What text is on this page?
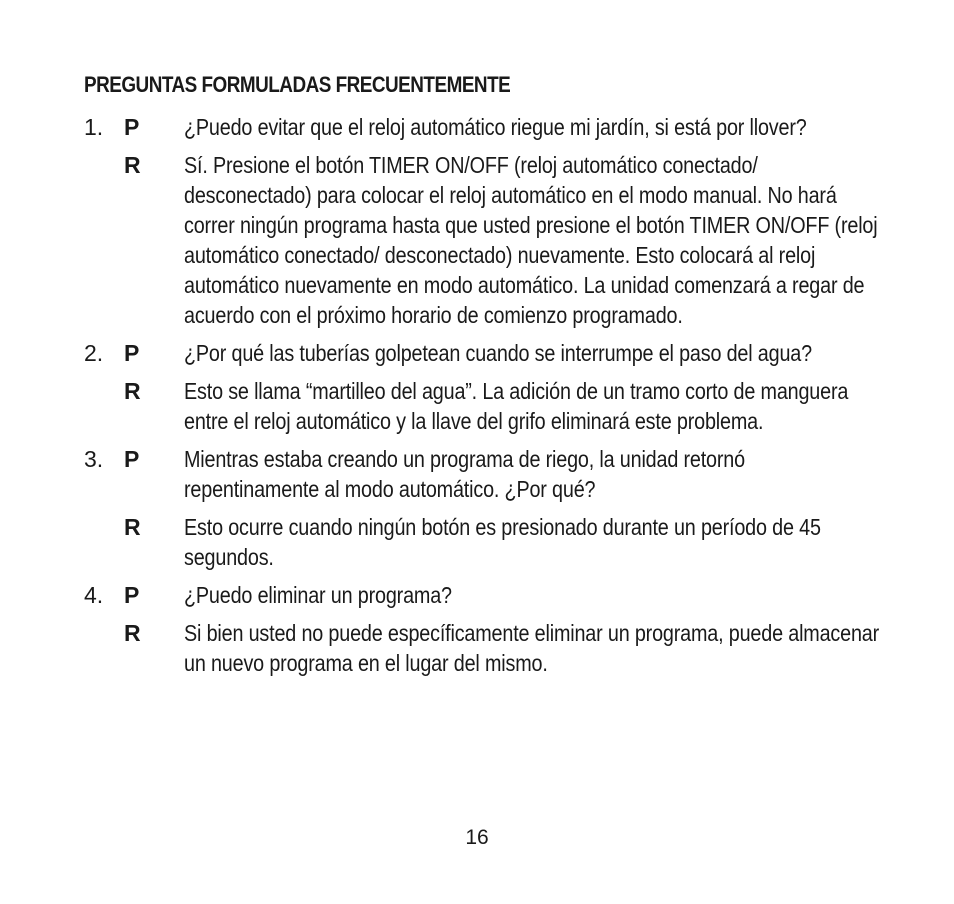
PREGUNTAS FORMULADAS FRECUENTEMENTE
1. P ¿Puedo evitar que el reloj automático riegue mi jardín, si está por llover?
R Sí. Presione el botón TIMER ON/OFF (reloj automático conectado/ desconectado) para colocar el reloj automático en el modo manual. No hará correr ningún programa hasta que usted presione el botón TIMER ON/OFF (reloj automático conectado/ desconectado) nuevamente. Esto colocará al reloj automático nuevamente en modo automático. La unidad comenzará a regar de acuerdo con el próximo horario de comienzo programado.
2. P ¿Por qué las tuberías golpetean cuando se interrumpe el paso del agua?
R Esto se llama “martilleo del agua”. La adición de un tramo corto de manguera entre el reloj automático y la llave del grifo eliminará este problema.
3. P Mientras estaba creando un programa de riego, la unidad retornó repentinamente al modo automático. ¿Por qué?
R Esto ocurre cuando ningún botón es presionado durante un período de 45 segundos.
4. P ¿Puedo eliminar un programa?
R Si bien usted no puede específicamente eliminar un programa, puede almacenar un nuevo programa en el lugar del mismo.
16
